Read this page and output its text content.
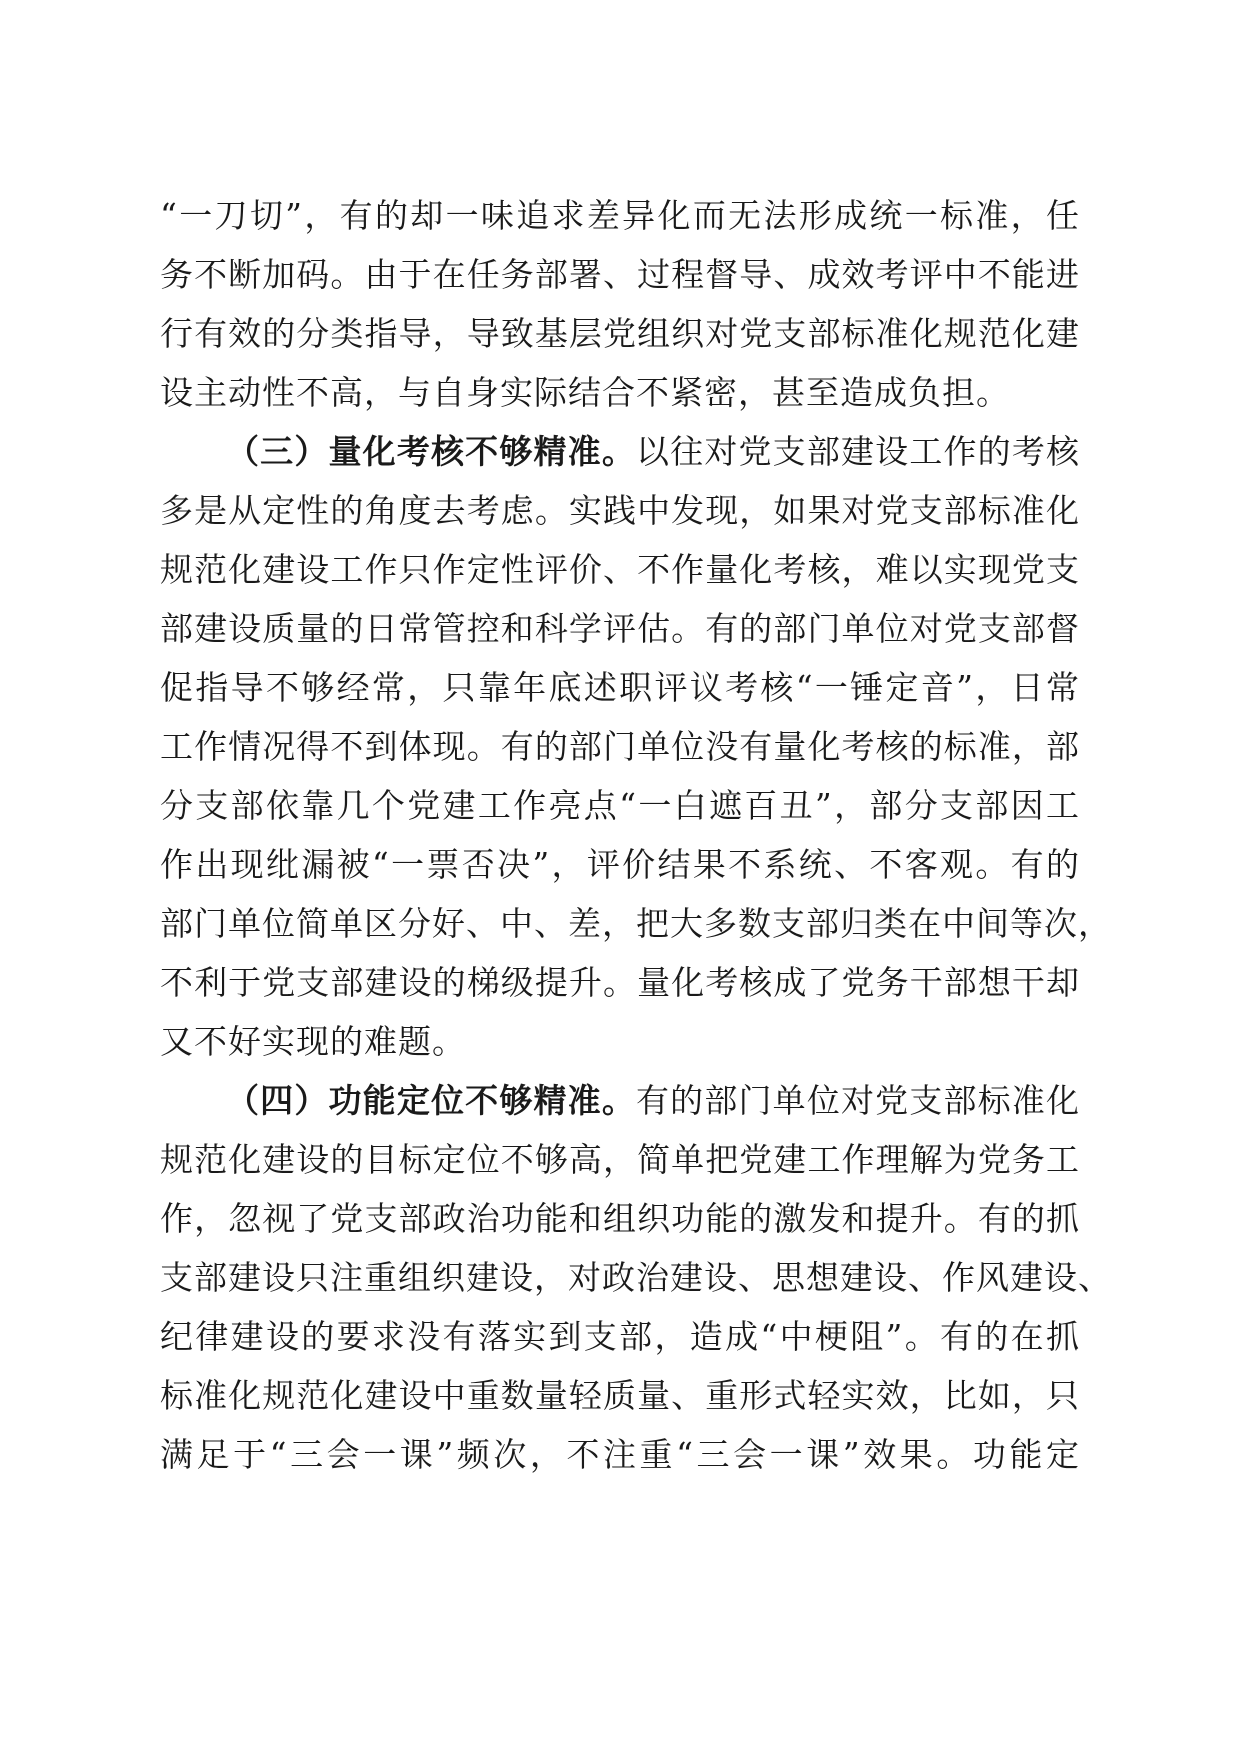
“一刀切”，有的却一味追求差异化而无法形成统一标准，任
务不断加码。由于在任务部署、过程督导、成效考评中不能进
行有效的分类指导，导致基层党组织对党支部标准化规范化建
设主动性不高，与自身实际结合不紧密，甚至造成负担。
（三）量化考核不够精准。以往对党支部建设工作的考核
多是从定性的角度去考虑。实践中发现，如果对党支部标准化
规范化建设工作只作定性评价、不作量化考核，难以实现党支
部建设质量的日常管控和科学评估。有的部门单位对党支部督
促指导不够经常，只靠年底述职评议考核“一锤定音”，日常
工作情况得不到体现。有的部门单位没有量化考核的标准，部
分支部依靠几个党建工作亮点“一白遮百丑”，部分支部因工
作出现纰漏被“一票否决”，评价结果不系统、不客观。有的
部门单位简单区分好、中、差，把大多数支部归类在中间等次，
不利于党支部建设的梯级提升。量化考核成了党务干部想干却
又不好实现的难题。
（四）功能定位不够精准。有的部门单位对党支部标准化
规范化建设的目标定位不够高，简单把党建工作理解为党务工
作，忽视了党支部政治功能和组织功能的激发和提升。有的抓
支部建设只注重组织建设，对政治建设、思想建设、作风建设、
纪律建设的要求没有落实到支部，造成“中梗阻”。有的在抓
标准化规范化建设中重数量轻质量、重形式轻实效，比如，只
满足于“三会一课”频次，不注重“三会一课”效果。功能定
